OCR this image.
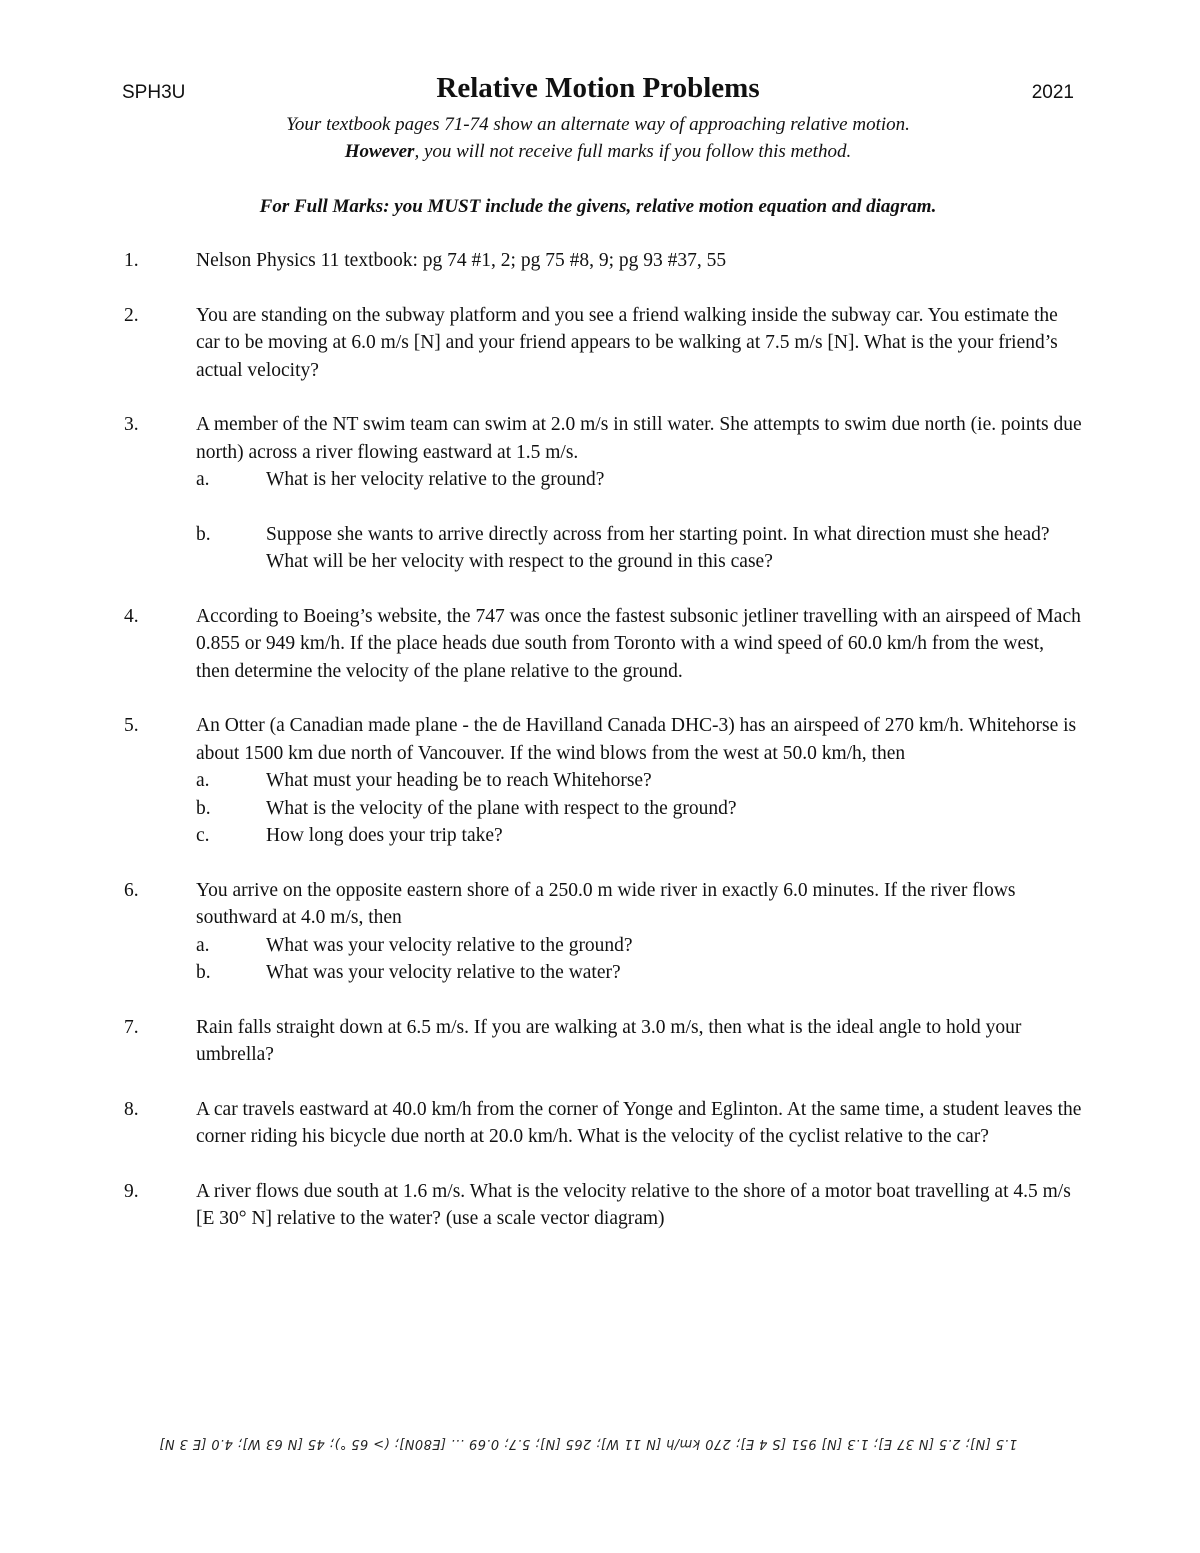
SPH3U	Relative Motion Problems	2021
Your textbook pages 71-74 show an alternate way of approaching relative motion.
However, you will not receive full marks if you follow this method.
For Full Marks: you MUST include the givens, relative motion equation and diagram.
1.	Nelson Physics 11 textbook: pg 74 #1, 2; pg 75 #8, 9; pg 93 #37, 55
2.	You are standing on the subway platform and you see a friend walking inside the subway car. You estimate the car to be moving at 6.0 m/s [N] and your friend appears to be walking at 7.5 m/s [N]. What is the your friend’s actual velocity?
3.	A member of the NT swim team can swim at 2.0 m/s in still water. She attempts to swim due north (ie. points due north) across a river flowing eastward at 1.5 m/s.
a.	What is her velocity relative to the ground?
b.	Suppose she wants to arrive directly across from her starting point. In what direction must she head? What will be her velocity with respect to the ground in this case?
4.	According to Boeing’s website, the 747 was once the fastest subsonic jetliner travelling with an airspeed of Mach 0.855 or 949 km/h. If the place heads due south from Toronto with a wind speed of 60.0 km/h from the west, then determine the velocity of the plane relative to the ground.
5.	An Otter (a Canadian made plane - the de Havilland Canada DHC-3) has an airspeed of 270 km/h. Whitehorse is about 1500 km due north of Vancouver. If the wind blows from the west at 50.0 km/h, then
a.	What must your heading be to reach Whitehorse?
b.	What is the velocity of the plane with respect to the ground?
c.	How long does your trip take?
6.	You arrive on the opposite eastern shore of a 250.0 m wide river in exactly 6.0 minutes. If the river flows southward at 4.0 m/s, then
a.	What was your velocity relative to the ground?
b.	What was your velocity relative to the water?
7.	Rain falls straight down at 6.5 m/s. If you are walking at 3.0 m/s, then what is the ideal angle to hold your umbrella?
8.	A car travels eastward at 40.0 km/h from the corner of Yonge and Eglinton. At the same time, a student leaves the corner riding his bicycle due north at 20.0 km/h. What is the velocity of the cyclist relative to the car?
9.	A river flows due south at 1.6 m/s. What is the velocity relative to the shore of a motor boat travelling at 4.5 m/s [E 30° N] relative to the water? (use a scale vector diagram)
1.5 [N]; 2.5 [N 37 E]; 1.3 [N] 951 [S 4 E]; 270 km/h [N 11 W]; 265 [N]; 5.7; 0.69 ... [E80N]; (> 65 °); 45 [N 63 W]; 4.0 [E 3 N]
